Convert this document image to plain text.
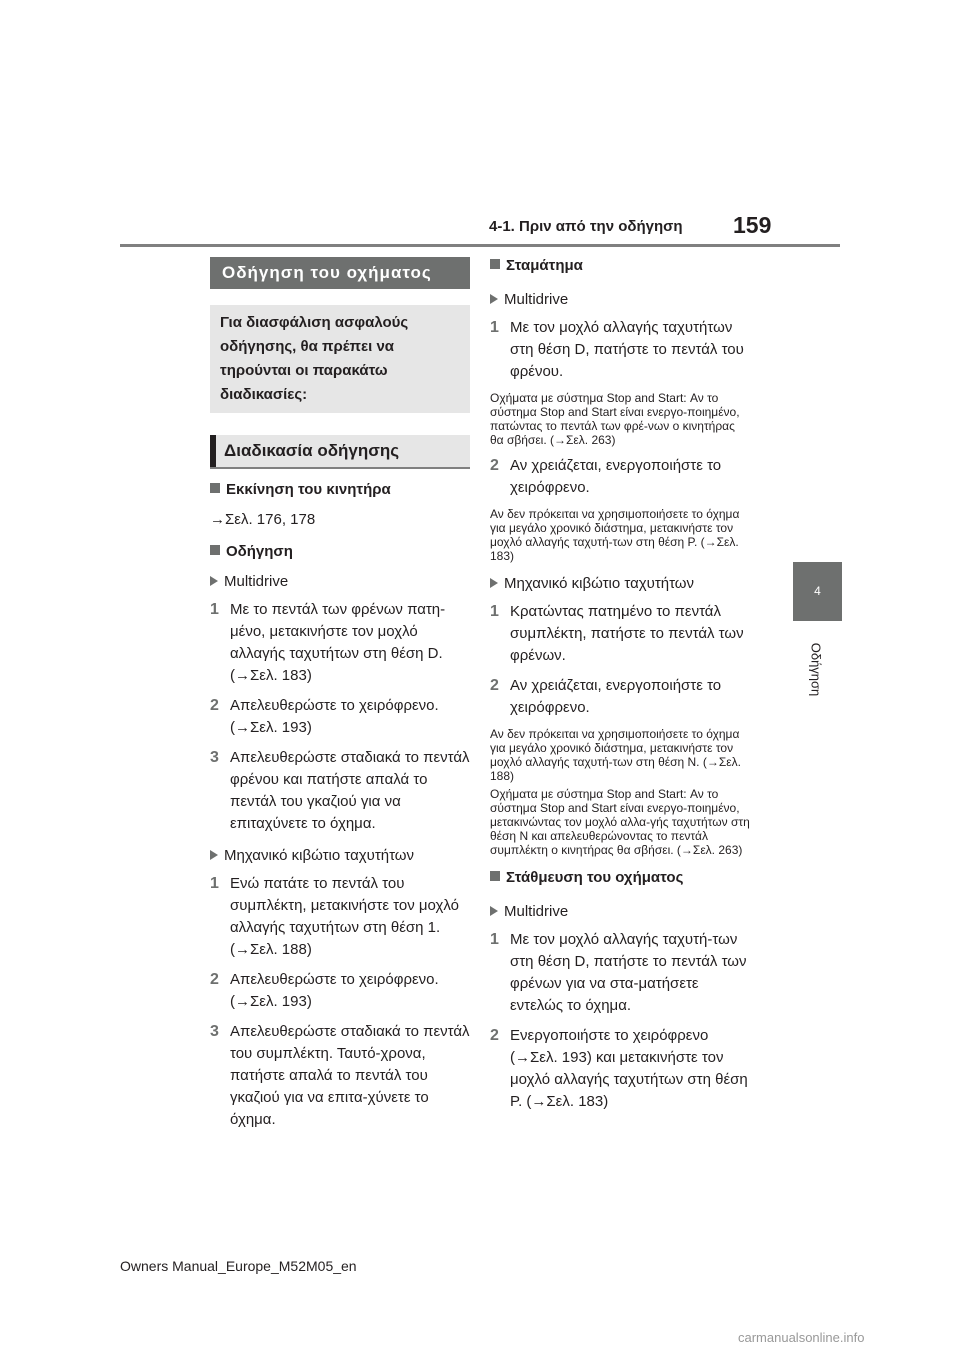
4-1. Πριν από την οδήγηση 159
4
Οδήγηση
Οδήγηση του οχήματος
Για διασφάλιση ασφαλούς οδήγησης, θα πρέπει να τηρούνται οι παρακάτω διαδικασίες:
Διαδικασία οδήγησης
Εκκίνηση του κινητήρα
→Σελ. 176, 178
Οδήγηση
Multidrive
1 Με το πεντάλ των φρένων πατη-μένο, μετακινήστε τον μοχλό αλλαγής ταχυτήτων στη θέση D. (→Σελ. 183)
2 Απελευθερώστε το χειρόφρενο. (→Σελ. 193)
3 Απελευθερώστε σταδιακά το πεντάλ φρένου και πατήστε απαλά το πεντάλ του γκαζιού για να επιταχύνετε το όχημα.
Μηχανικό κιβώτιο ταχυτήτων
1 Ενώ πατάτε το πεντάλ του συμπλέκτη, μετακινήστε τον μοχλό αλλαγής ταχυτήτων στη θέση 1. (→Σελ. 188)
2 Απελευθερώστε το χειρόφρενο. (→Σελ. 193)
3 Απελευθερώστε σταδιακά το πεντάλ του συμπλέκτη. Ταυτό-χρονα, πατήστε απαλά το πεντάλ του γκαζιού για να επιτα-χύνετε το όχημα.
Σταμάτημα
Multidrive
1 Με τον μοχλό αλλαγής ταχυτήτων στη θέση D, πατήστε το πεντάλ του φρένου.
Οχήματα με σύστημα Stop and Start: Αν το σύστημα Stop and Start είναι ενεργο-ποιημένο, πατώντας το πεντάλ των φρέ-νων ο κινητήρας θα σβήσει. (→Σελ. 263)
2 Αν χρειάζεται, ενεργοποιήστε το χειρόφρενο.
Αν δεν πρόκειται να χρησιμοποιήσετε το όχημα για μεγάλο χρονικό διάστημα, μετακινήστε τον μοχλό αλλαγής ταχυτή-των στη θέση P. (→Σελ. 183)
Μηχανικό κιβώτιο ταχυτήτων
1 Κρατώντας πατημένο το πεντάλ συμπλέκτη, πατήστε το πεντάλ των φρένων.
2 Αν χρειάζεται, ενεργοποιήστε το χειρόφρενο.
Αν δεν πρόκειται να χρησιμοποιήσετε το όχημα για μεγάλο χρονικό διάστημα, μετακινήστε τον μοχλό αλλαγής ταχυτή-των στη θέση N. (→Σελ. 188)
Οχήματα με σύστημα Stop and Start: Αν το σύστημα Stop and Start είναι ενεργο-ποιημένο, μετακινώντας τον μοχλό αλλα-γής ταχυτήτων στη θέση N και απελευθερώνοντας το πεντάλ συμπλέκτη ο κινητήρας θα σβήσει. (→Σελ. 263)
Στάθμευση του οχήματος
Multidrive
1 Με τον μοχλό αλλαγής ταχυτή-των στη θέση D, πατήστε το πεντάλ των φρένων για να στα-ματήσετε εντελώς το όχημα.
2 Ενεργοποιήστε το χειρόφρενο (→Σελ. 193) και μετακινήστε τον μοχλό αλλαγής ταχυτήτων στη θέση P. (→Σελ. 183)
Owners Manual_Europe_M52M05_en
carmanualsonline.info
